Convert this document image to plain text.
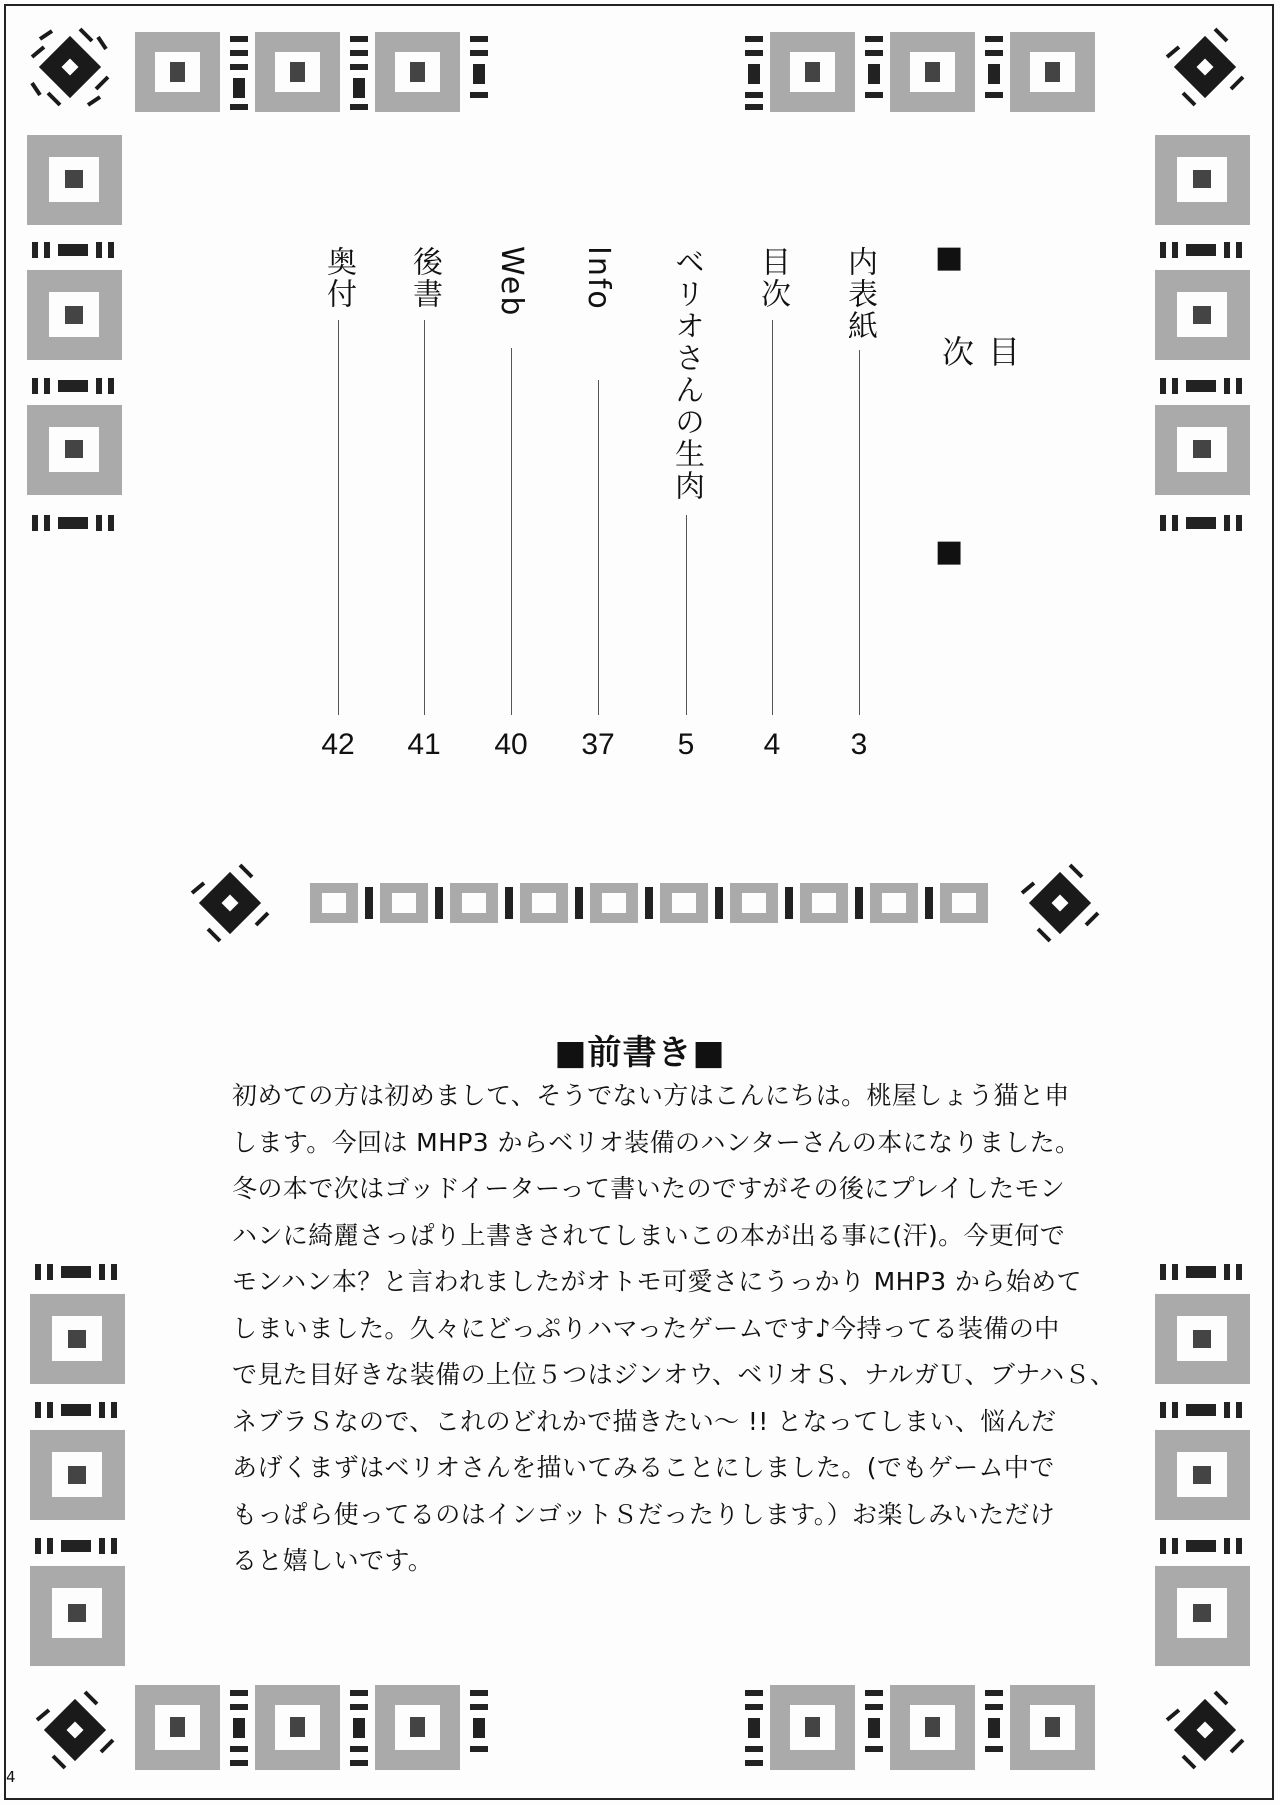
■
目次
■
内表紙
3
目次
4
ベリオさんの生肉
5
Info
37
Web
40
後書
41
奥付
42
■前書き■
初めての方は初めまして、そうでない方はこんにちは。桃屋しょう猫と申
します。今回は MHP3 からベリオ装備のハンターさんの本になりました。
冬の本で次はゴッドイーターって書いたのですがその後にプレイしたモン
ハンに綺麗さっぱり上書きされてしまいこの本が出る事に(汗)。今更何で
モンハン本？と言われましたがオトモ可愛さにうっかり MHP3 から始めて
しまいました。久々にどっぷりハマったゲームです♪今持ってる装備の中
で見た目好きな装備の上位５つはジンオウ、ベリオＳ、ナルガＵ、ブナハＳ、
ネブラＳなので、これのどれかで描きたい～ !! となってしまい、悩んだ
あげくまずはベリオさんを描いてみることにしました。(でもゲーム中で
もっぱら使ってるのはインゴットＳだったりします。）お楽しみいただけ
ると嬉しいです。
4
